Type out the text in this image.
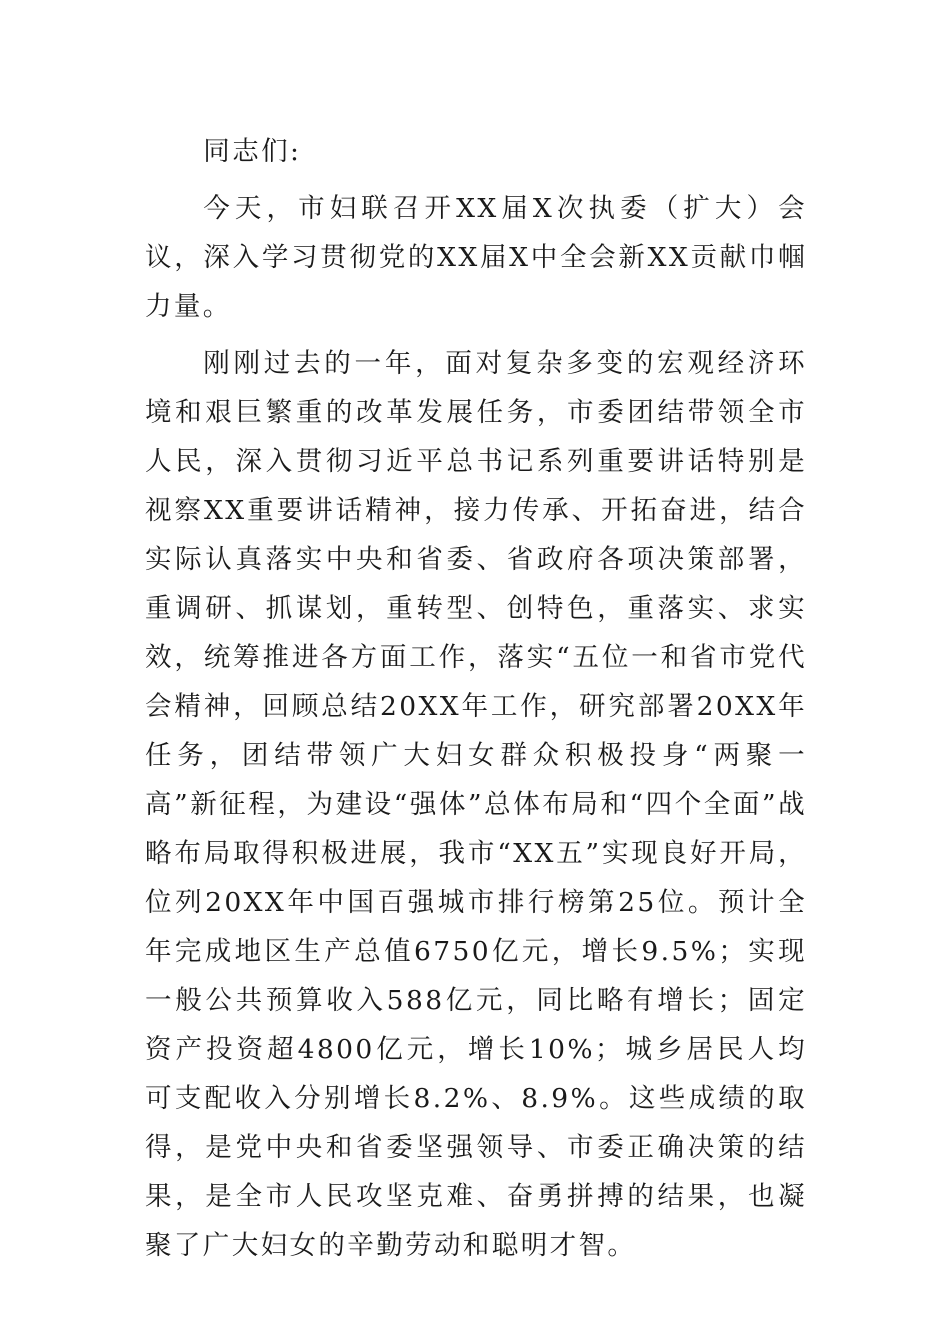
同志们:

今天，市妇联召开XX届X次执委（扩大）会议，深入学习贯彻党的XX届X中全会新XX贡献巾帼力量。

刚刚过去的一年，面对复杂多变的宏观经济环境和艰巨繁重的改革发展任务，市委团结带领全市人民，深入贯彻习近平总书记系列重要讲话特别是视察XX重要讲话精神，接力传承、开拓奋进，结合实际认真落实中央和省委、省政府各项决策部署，重调研、抓谋划，重转型、创特色，重落实、求实效，统筹推进各方面工作，落实“五位一和省市党代会精神，回顾总结20XX年工作，研究部署20XX年任务，团结带领广大妇女群众积极投身“两聚一高”新征程，为建设“强体”总体布局和“四个全面”战略布局取得积极进展，我市“XX五”实现良好开局，位列20XX年中国百强城市排行榜第25位。预计全年完成地区生产总值6750亿元，增长9.5%；实现一般公共预算收入588亿元，同比略有增长；固定资产投资超4800亿元，增长10%；城乡居民人均可支配收入分别增长8.2%、8.9%。这些成绩的取得，是党中央和省委坚强领导、市委正确决策的结果，是全市人民攻坚克难、奋勇拼搏的结果，也凝聚了广大妇女的辛勤劳动和聪明才智。
